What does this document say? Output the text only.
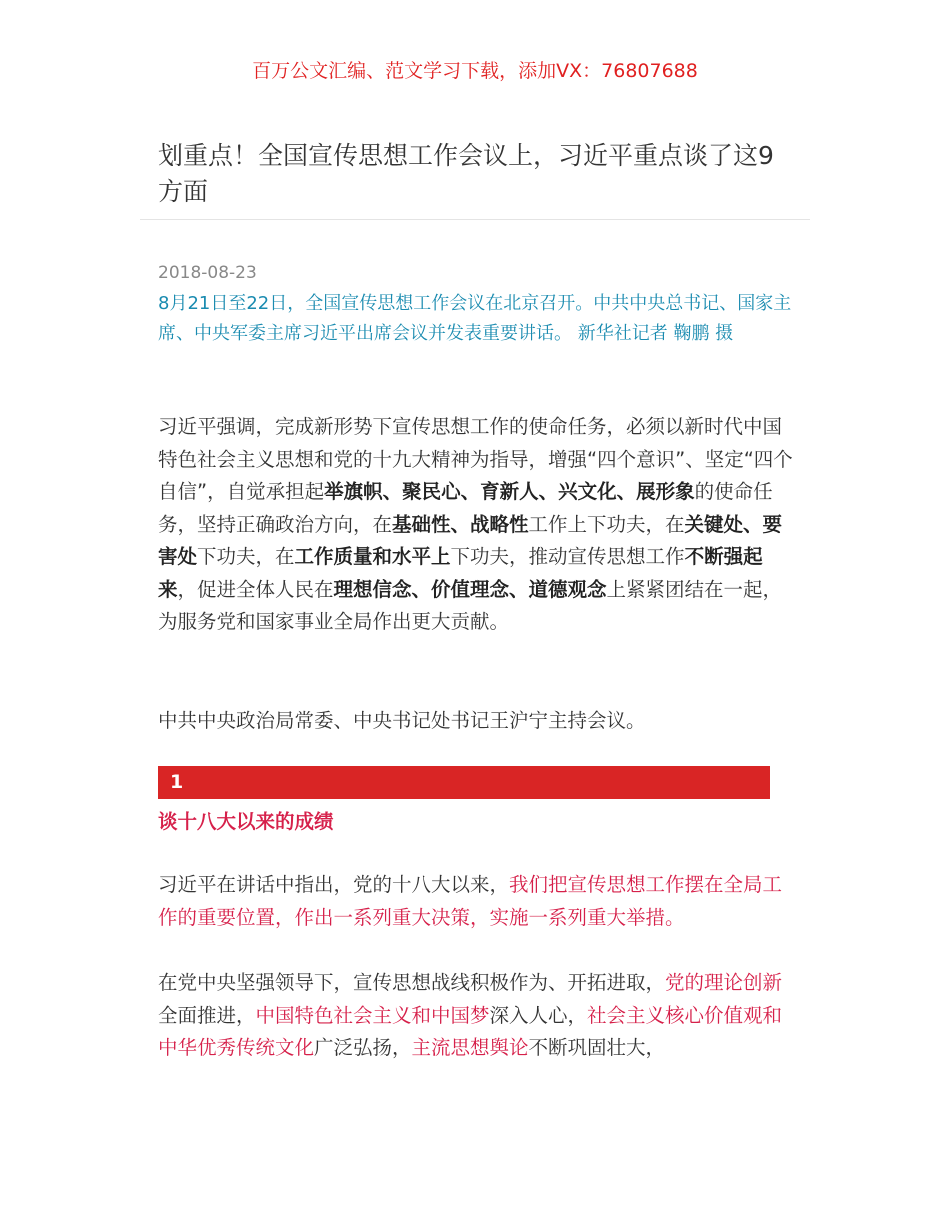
百万公文汇编、范文学习下载，添加VX：76807688
划重点！全国宣传思想工作会议上，习近平重点谈了这9方面
2018-08-23
8月21日至22日，全国宣传思想工作会议在北京召开。中共中央总书记、国家主席、中央军委主席习近平出席会议并发表重要讲话。 新华社记者 鞠鹏 摄

习近平强调，完成新形势下宣传思想工作的使命任务，必须以新时代中国特色社会主义思想和党的十九大精神为指导，增强“四个意识”、坚定“四个自信”，自觉承担起举旗帜、聚民心、育新人、兴文化、展形象的使命任务，坚持正确政治方向，在基础性、战略性工作上下功夫，在关键处、要害处下功夫，在工作质量和水平上下功夫，推动宣传思想工作不断强起来，促进全体人民在理想信念、价值理念、道德观念上紧紧团结在一起，为服务党和国家事业全局作出更大贡献。

中共中央政治局常委、中央书记处书记王沪宁主持会议。

1
谈十八大以来的成绩

习近平在讲话中指出，党的十八大以来，我们把宣传思想工作摆在全局工作的重要位置，作出一系列重大决策，实施一系列重大举措。

在党中央坚强领导下，宣传思想战线积极作为、开拓进取，党的理论创新全面推进，中国特色社会主义和中国梦深入人心，社会主义核心价值观和中华优秀传统文化广泛弘扬，主流思想舆论不断巩固壮大，
